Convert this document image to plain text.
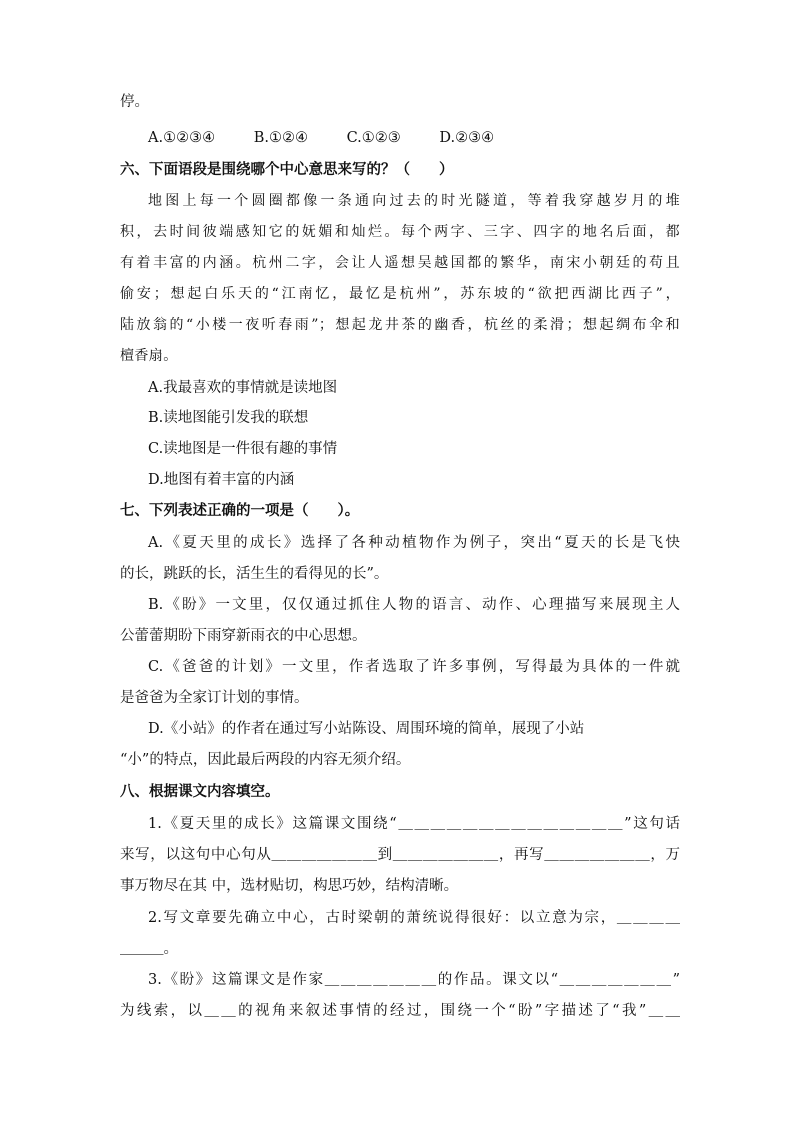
停。
A.①②③④	B.①②④	C.①②③	D.②③④
六、下面语段是围绕哪个中心意思来写的？（　　）
地图上每一个圆圈都像一条通向过去的时光隧道，等着我穿越岁月的堆
积，去时间彼端感知它的妩媚和灿烂。每个两字、三字、四字的地名后面，都
有着丰富的内涵。杭州二字，会让人遥想吴越国都的繁华，南宋小朝廷的苟且
偷安；想起白乐天的“江南忆，最忆是杭州”，苏东坡的“欲把西湖比西子”，
陆放翁的“小楼一夜听春雨”；想起龙井茶的幽香，杭丝的柔滑；想起绸布伞和
檀香扇。
A.我最喜欢的事情就是读地图
B.读地图能引发我的联想
C.读地图是一件很有趣的事情
D.地图有着丰富的内涵
七、下列表述正确的一项是（　　）。
A.《夏天里的成长》选择了各种动植物作为例子，突出“夏天的长是飞快
的长，跳跃的长，活生生的看得见的长”。
B.《盼》一文里，仅仅通过抓住人物的语言、动作、心理描写来展现主人
公蕾蕾期盼下雨穿新雨衣的中心思想。
C.《爸爸的计划》一文里，作者选取了许多事例，写得最为具体的一件就
是爸爸为全家订计划的事情。
D.《小站》的作者在通过写小站陈设、周围环境的简单，展现了小站
“小”的特点，因此最后两段的内容无须介绍。
八、根据课文内容填空。
1.《夏天里的成长》这篇课文围绕“＿＿＿＿＿＿＿＿＿＿＿＿＿＿”这句话
来写，以这句中心句从＿＿＿＿＿＿＿到＿＿＿＿＿＿＿，再写＿＿＿＿＿＿＿，万
事万物尽在其 中，选材贴切，构思巧妙，结构清晰。
2.写文章要先确立中心，古时梁朝的萧统说得很好：以立意为宗，＿＿＿＿
＿＿＿。
3.《盼》这篇课文是作家＿＿＿＿＿＿＿的作品。课文以“＿＿＿＿＿＿＿”
为线索，以＿＿的视角来叙述事情的经过，围绕一个“盼”字描述了“我”＿＿
